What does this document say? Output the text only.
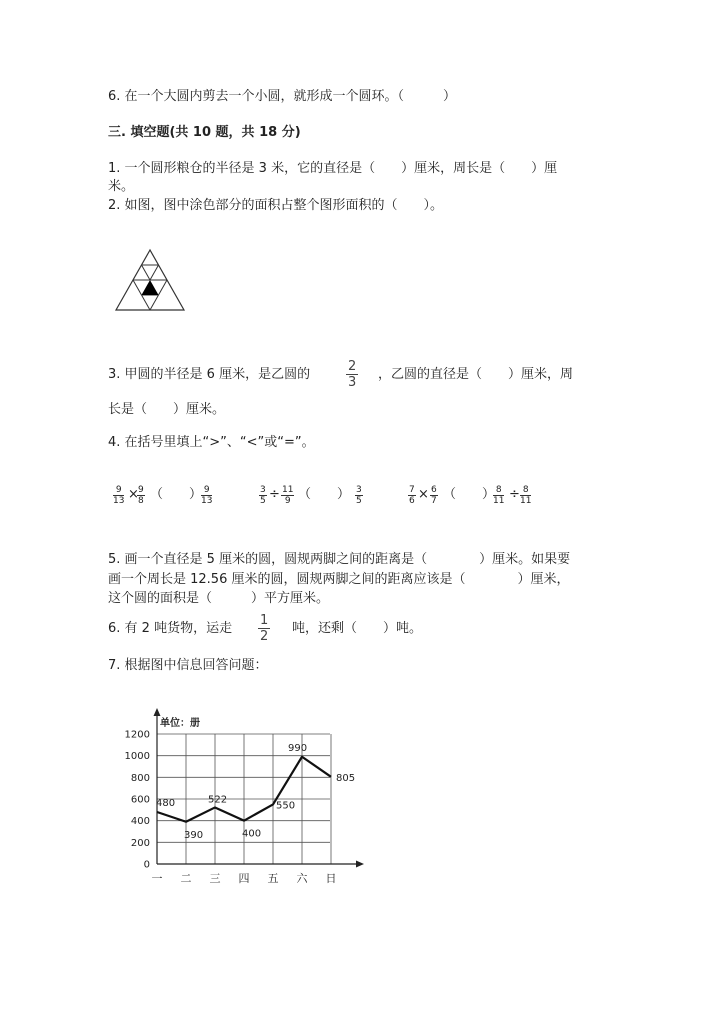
6. 在一个大圆内剪去一个小圆，就形成一个圆环。（　　　）
三. 填空题(共 10 题，共 18 分)
1. 一个圆形粮仓的半径是 3 米，它的直径是（　　）厘米，周长是（　　）厘
米。
2. 如图，图中涂色部分的面积占整个图形面积的（　　）。
3. 甲圆的半径是 6 厘米，是乙圆的	$\frac{2}{3}$ ，乙圆的直径是（　　）厘米，周
长是（　　）厘米。
4. 在括号里填上“>”、“<”或“=”。
$\frac{9}{13}$ ×
$\frac{9}{8}$ （　　）
$\frac{9}{13}$	$\frac{3}{5} \div \frac{11}{9}$ （　　） $\frac{3}{5}$	$\frac{7}{6} \times \frac{6}{7}$ （　　）
$\frac{8}{11} \div \frac{8}{11}$
5. 画一个直径是 5 厘米的圆，圆规两脚之间的距离是（　　　　）厘米。如果要
画一个周长是 12.56 厘米的圆，圆规两脚之间的距离应该是（　　　　）厘米，
这个圆的面积是（　　　）平方厘米。
6. 有 2 吨货物，运走 $\frac{1}{2}$ 吨，还剩（　　）吨。
7. 根据图中信息回答问题：
0
200
400
600
800
1000
1200
单位：册
一 二 三 四 五 六 日
480
390
522
400
550
990
805
